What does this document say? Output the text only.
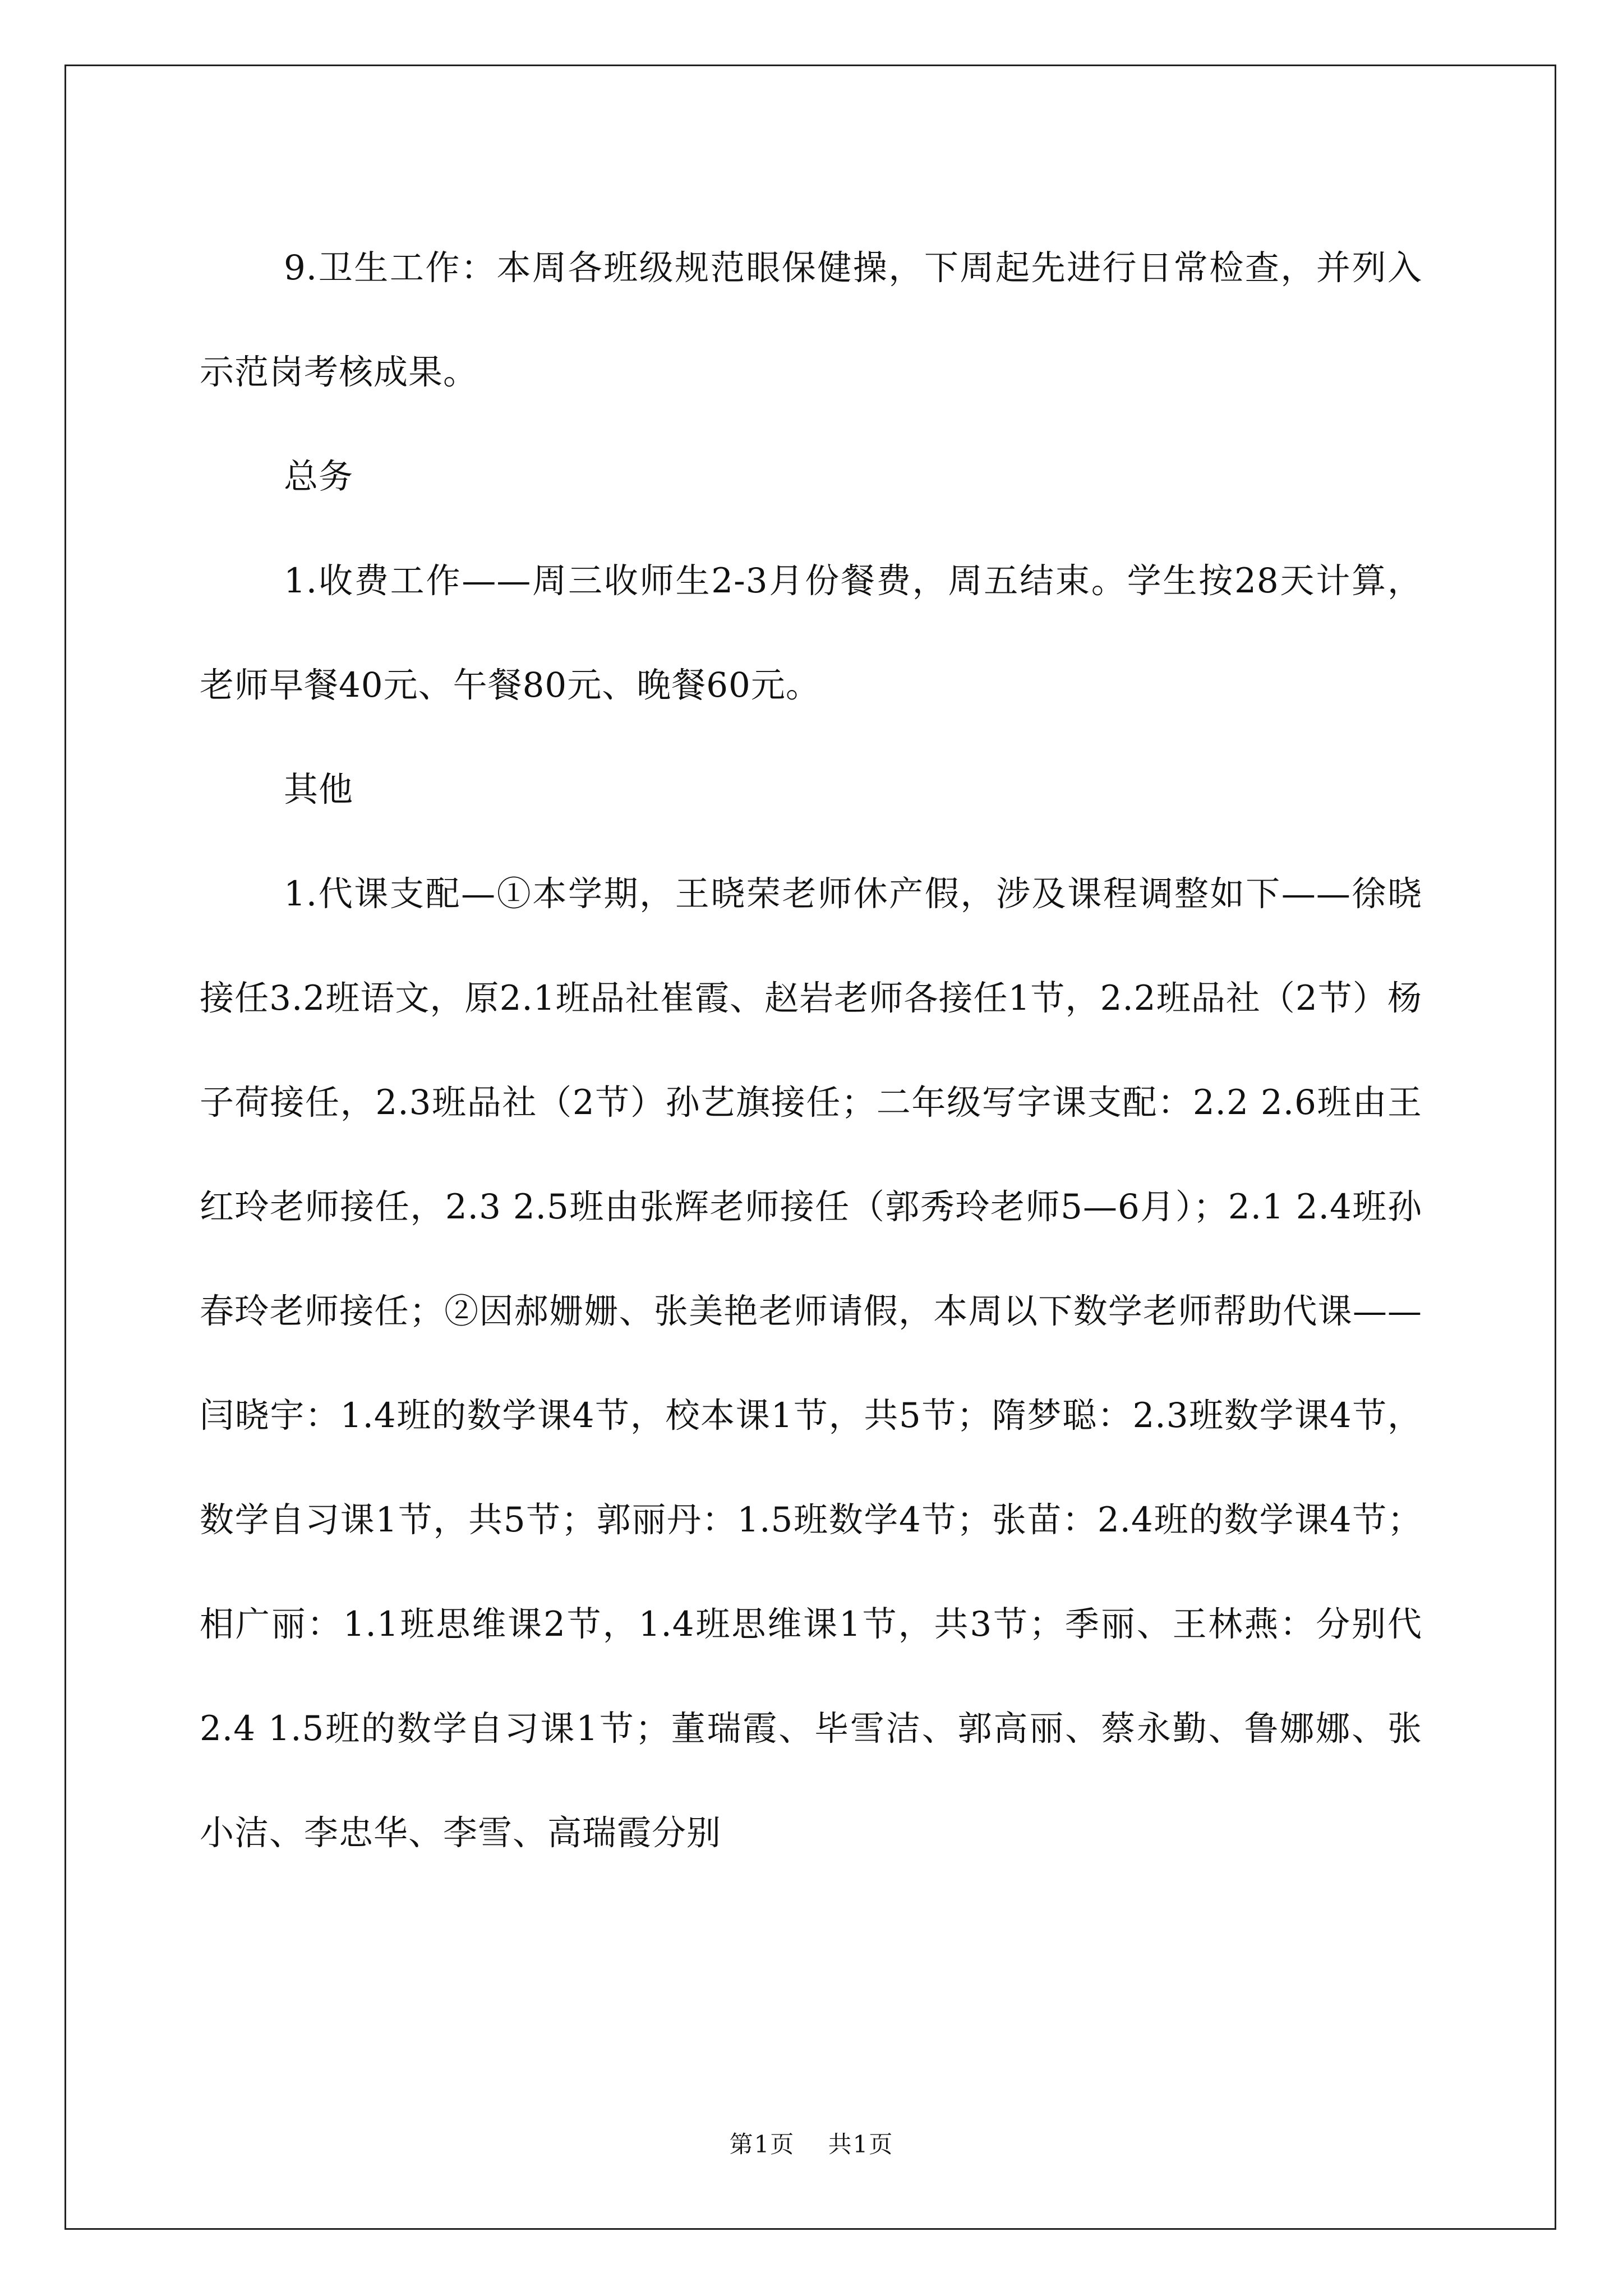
9.卫生工作：本周各班级规范眼保健操，下周起先进行日常检查，并列入示范岗考核成果。

总务

1.收费工作——周三收师生2-3月份餐费，周五结束。学生按28天计算，老师早餐40元、午餐80元、晚餐60元。

其他

1.代课支配—①本学期，王晓荣老师休产假，涉及课程调整如下——徐晓接任3.2班语文，原2.1班品社崔霞、赵岩老师各接任1节，2.2班品社（2节）杨子荷接任，2.3班品社（2节）孙艺旗接任；二年级写字课支配：2.2 2.6班由王红玲老师接任，2.3 2.5班由张辉老师接任（郭秀玲老师5—6月）；2.1 2.4班孙春玲老师接任；②因郝姗姗、张美艳老师请假，本周以下数学老师帮助代课——闫晓宇：1.4班的数学课4节，校本课1节，共5节；隋梦聪：2.3班数学课4节，数学自习课1节，共5节；郭丽丹：1.5班数学4节；张苗：2.4班的数学课4节；相广丽：1.1班思维课2节，1.4班思维课1节，共3节；季丽、王林燕：分别代2.4 1.5班的数学自习课1节；董瑞霞、毕雪洁、郭高丽、蔡永勤、鲁娜娜、张小洁、李忠华、李雪、高瑞霞分别

第1页 共1页
